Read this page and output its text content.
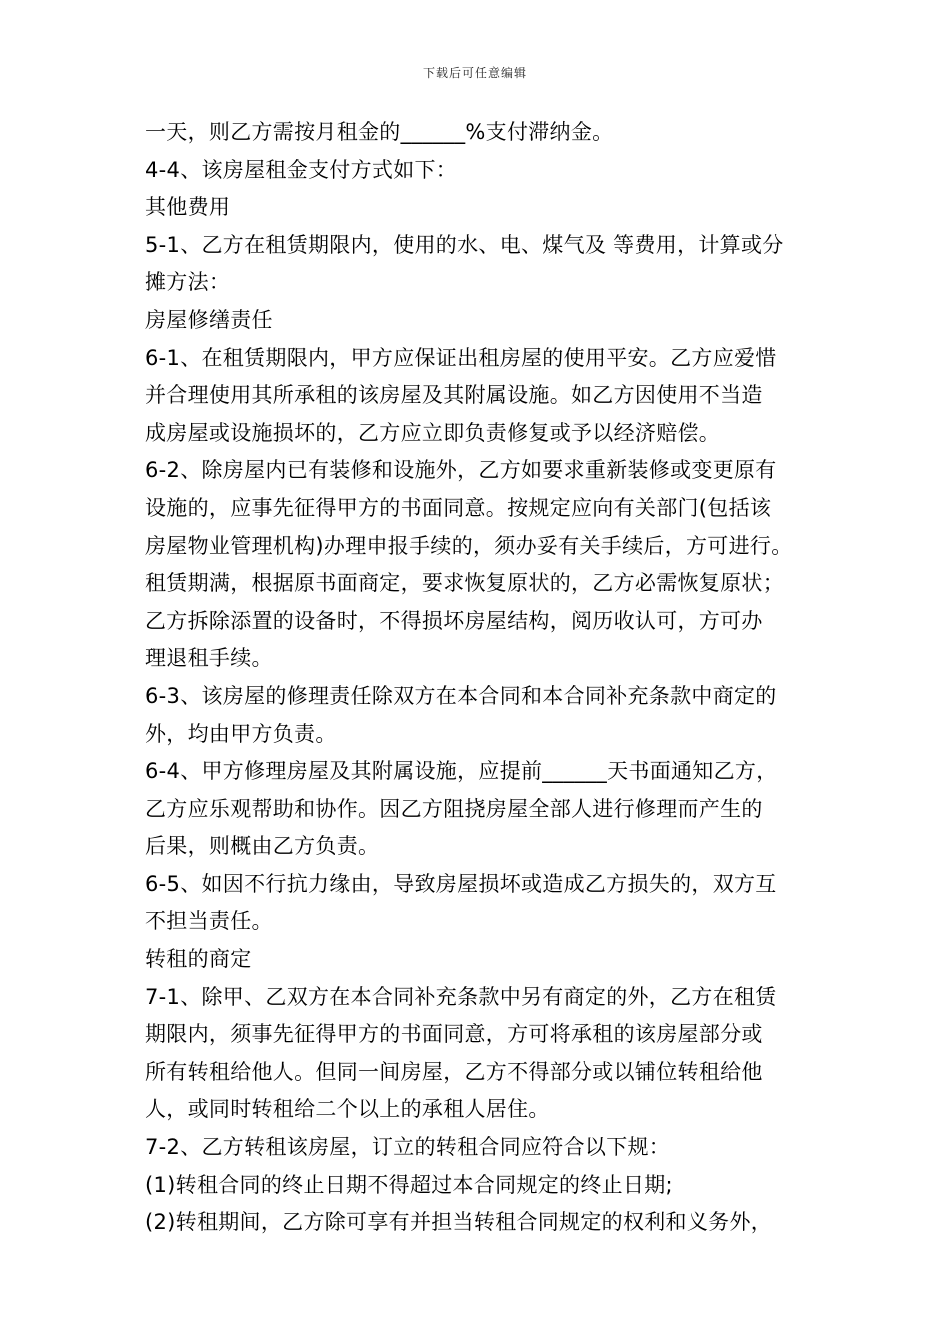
下载后可任意编辑
一天，则乙方需按月租金的______%支付滞纳金。
4-4、该房屋租金支付方式如下：
其他费用
5-1、乙方在租赁期限内，使用的水、电、煤气及 等费用，计算或分
摊方法：
房屋修缮责任
6-1、在租赁期限内，甲方应保证出租房屋的使用平安。乙方应爱惜
并合理使用其所承租的该房屋及其附属设施。如乙方因使用不当造
成房屋或设施损坏的，乙方应立即负责修复或予以经济赔偿。
6-2、除房屋内已有装修和设施外，乙方如要求重新装修或变更原有
设施的，应事先征得甲方的书面同意。按规定应向有关部门(包括该
房屋物业管理机构)办理申报手续的，须办妥有关手续后，方可进行。
租赁期满，根据原书面商定，要求恢复原状的，乙方必需恢复原状；
乙方拆除添置的设备时，不得损坏房屋结构，阅历收认可，方可办
理退租手续。
6-3、该房屋的修理责任除双方在本合同和本合同补充条款中商定的
外，均由甲方负责。
6-4、甲方修理房屋及其附属设施，应提前______天书面通知乙方，
乙方应乐观帮助和协作。因乙方阻挠房屋全部人进行修理而产生的
后果，则概由乙方负责。
6-5、如因不行抗力缘由，导致房屋损坏或造成乙方损失的，双方互
不担当责任。
转租的商定
7-1、除甲、乙双方在本合同补充条款中另有商定的外，乙方在租赁
期限内，须事先征得甲方的书面同意，方可将承租的该房屋部分或
所有转租给他人。但同一间房屋，乙方不得部分或以铺位转租给他
人，或同时转租给二个以上的承租人居住。
7-2、乙方转租该房屋，订立的转租合同应符合以下规：
(1)转租合同的终止日期不得超过本合同规定的终止日期;
(2)转租期间，乙方除可享有并担当转租合同规定的权利和义务外，
